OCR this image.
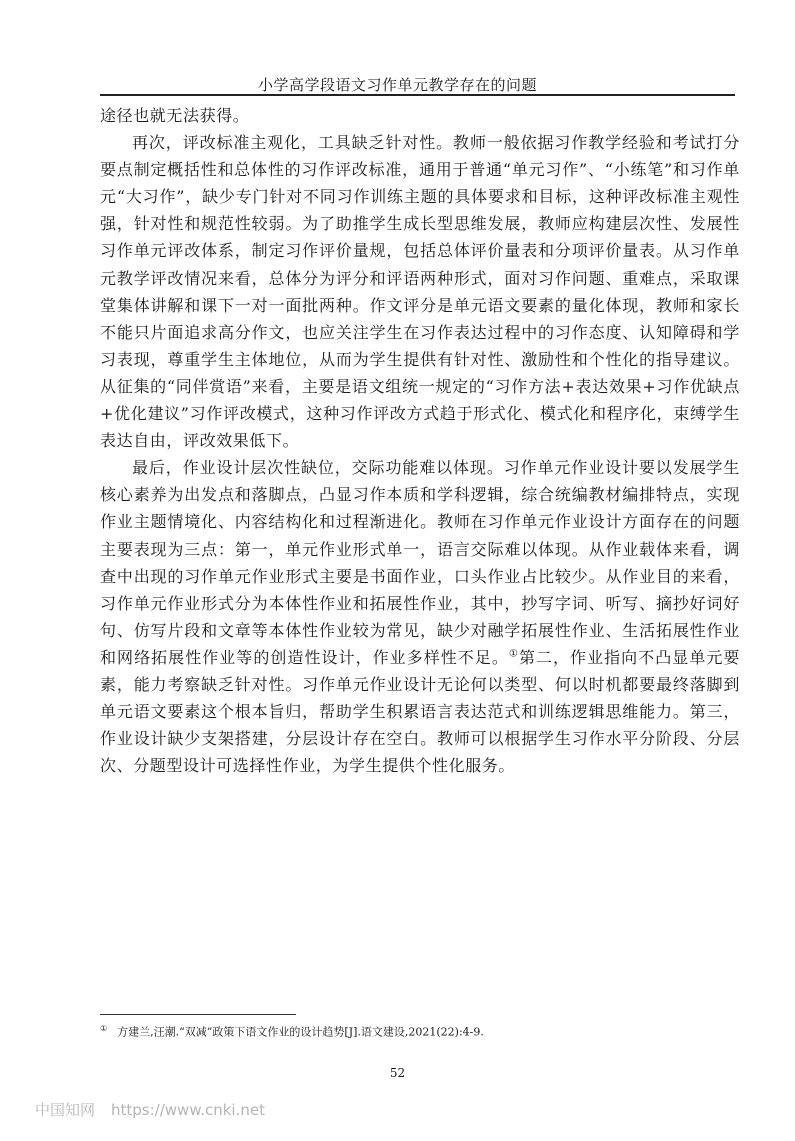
小学高学段语文习作单元教学存在的问题

途径也就无法获得。

再次，评改标准主观化，工具缺乏针对性。教师一般依据习作教学经验和考试打分要点制定概括性和总体性的习作评改标准，通用于普通“单元习作”、“小练笔”和习作单元“大习作”，缺少专门针对不同习作训练主题的具体要求和目标，这种评改标准主观性强，针对性和规范性较弱。为了助推学生成长型思维发展，教师应构建层次性、发展性习作单元评改体系，制定习作评价量规，包括总体评价量表和分项评价量表。从习作单元教学评改情况来看，总体分为评分和评语两种形式，面对习作问题、重难点，采取课堂集体讲解和课下一对一面批两种。作文评分是单元语文要素的量化体现，教师和家长不能只片面追求高分作文，也应关注学生在习作表达过程中的习作态度、认知障碍和学习表现，尊重学生主体地位，从而为学生提供有针对性、激励性和个性化的指导建议。从征集的“同伴赏语”来看，主要是语文组统一规定的“习作方法+表达效果+习作优缺点+优化建议”习作评改模式，这种习作评改方式趋于形式化、模式化和程序化，束缚学生表达自由，评改效果低下。

最后，作业设计层次性缺位，交际功能难以体现。习作单元作业设计要以发展学生核心素养为出发点和落脚点，凸显习作本质和学科逻辑，综合统编教材编排特点，实现作业主题情境化、内容结构化和过程渐进化。教师在习作单元作业设计方面存在的问题主要表现为三点：第一，单元作业形式单一，语言交际难以体现。从作业载体来看，调查中出现的习作单元作业形式主要是书面作业，口头作业占比较少。从作业目的来看，习作单元作业形式分为本体性作业和拓展性作业，其中，抄写字词、听写、摘抄好词好句、仿写片段和文章等本体性作业较为常见，缺少对融学拓展性作业、生活拓展性作业和网络拓展性作业等的创造性设计，作业多样性不足。①第二，作业指向不凸显单元要素，能力考察缺乏针对性。习作单元作业设计无论何以类型、何以时机都要最终落脚到单元语文要素这个根本旨归，帮助学生积累语言表达范式和训练逻辑思维能力。第三，作业设计缺少支架搭建，分层设计存在空白。教师可以根据学生习作水平分阶段、分层次、分题型设计可选择性作业，为学生提供个性化服务。

① 方建兰,汪潮.“双减”政策下语文作业的设计趋势[J].语文建设,2021(22):4-9.
52
中国知网 https://www.cnki.net
